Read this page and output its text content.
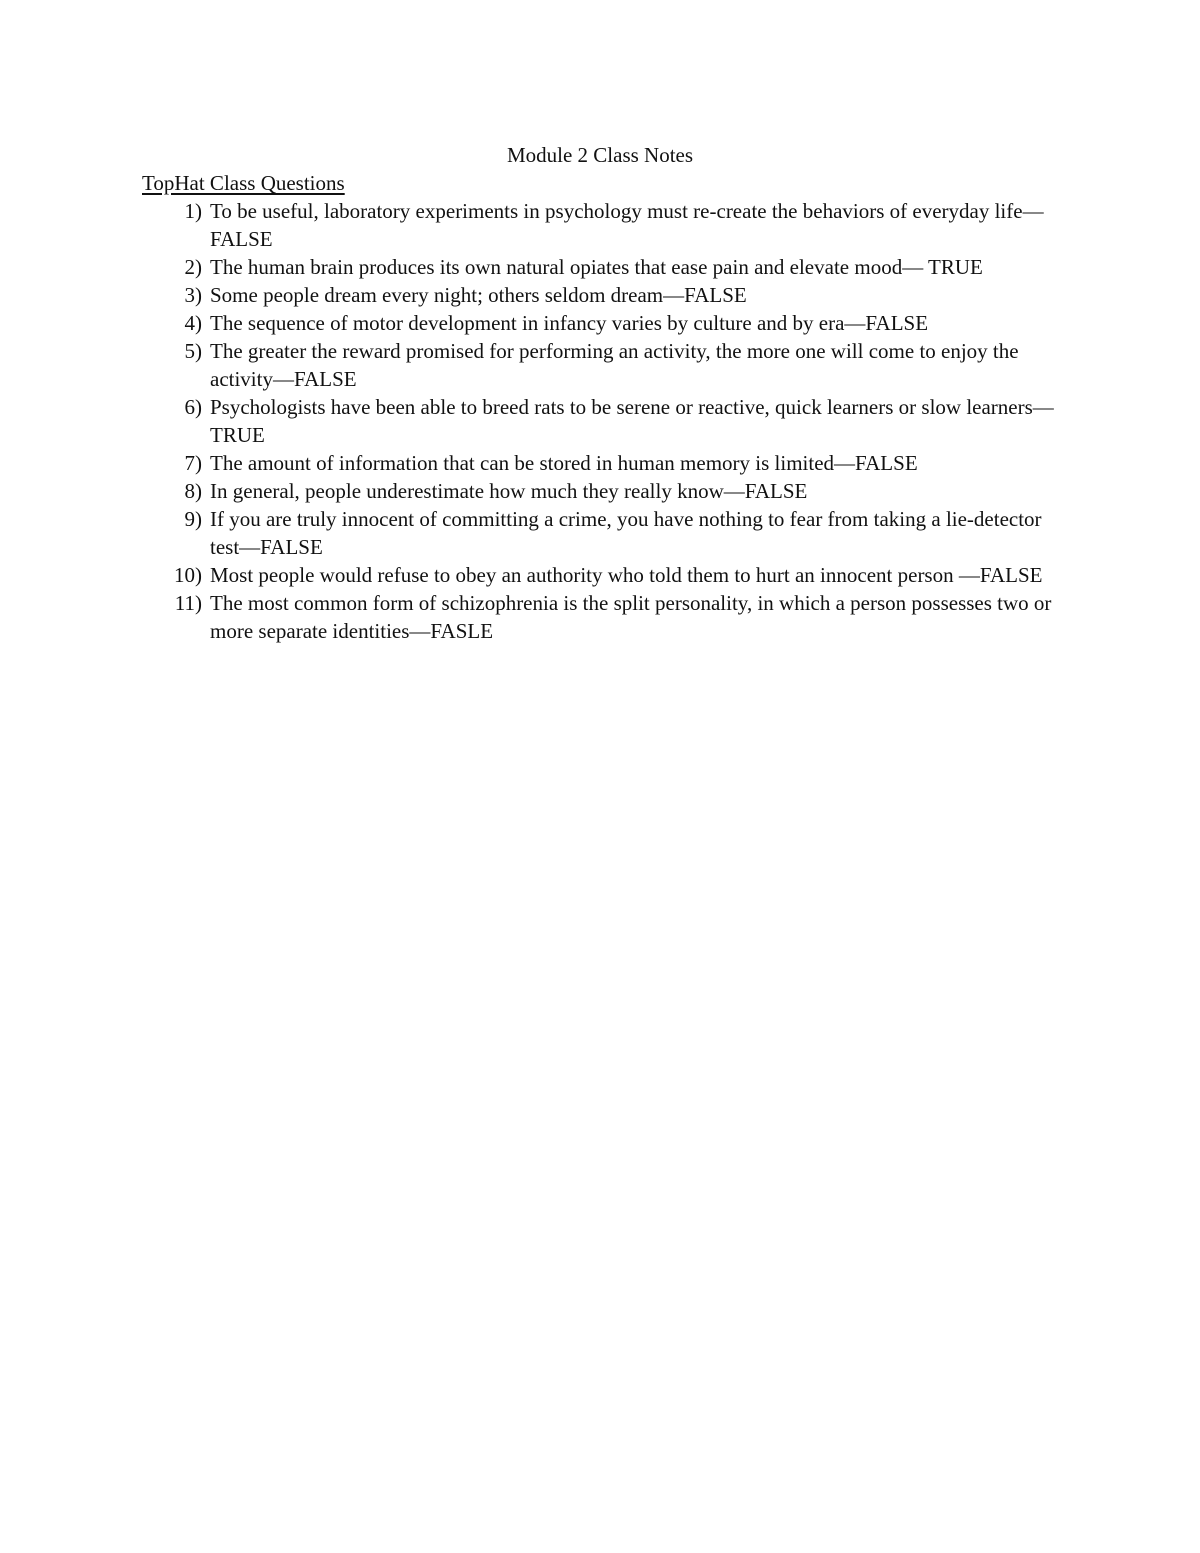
Module 2 Class Notes
TopHat Class Questions
1) To be useful, laboratory experiments in psychology must re-create the behaviors of everyday life—FALSE
2) The human brain produces its own natural opiates that ease pain and elevate mood— TRUE
3) Some people dream every night; others seldom dream—FALSE
4) The sequence of motor development in infancy varies by culture and by era—FALSE
5) The greater the reward promised for performing an activity, the more one will come to enjoy the activity—FALSE
6) Psychologists have been able to breed rats to be serene or reactive, quick learners or slow learners—TRUE
7) The amount of information that can be stored in human memory is limited—FALSE
8) In general, people underestimate how much they really know—FALSE
9) If you are truly innocent of committing a crime, you have nothing to fear from taking a lie-detector test—FALSE
10) Most people would refuse to obey an authority who told them to hurt an innocent person —FALSE
11) The most common form of schizophrenia is the split personality, in which a person possesses two or more separate identities—FASLE
